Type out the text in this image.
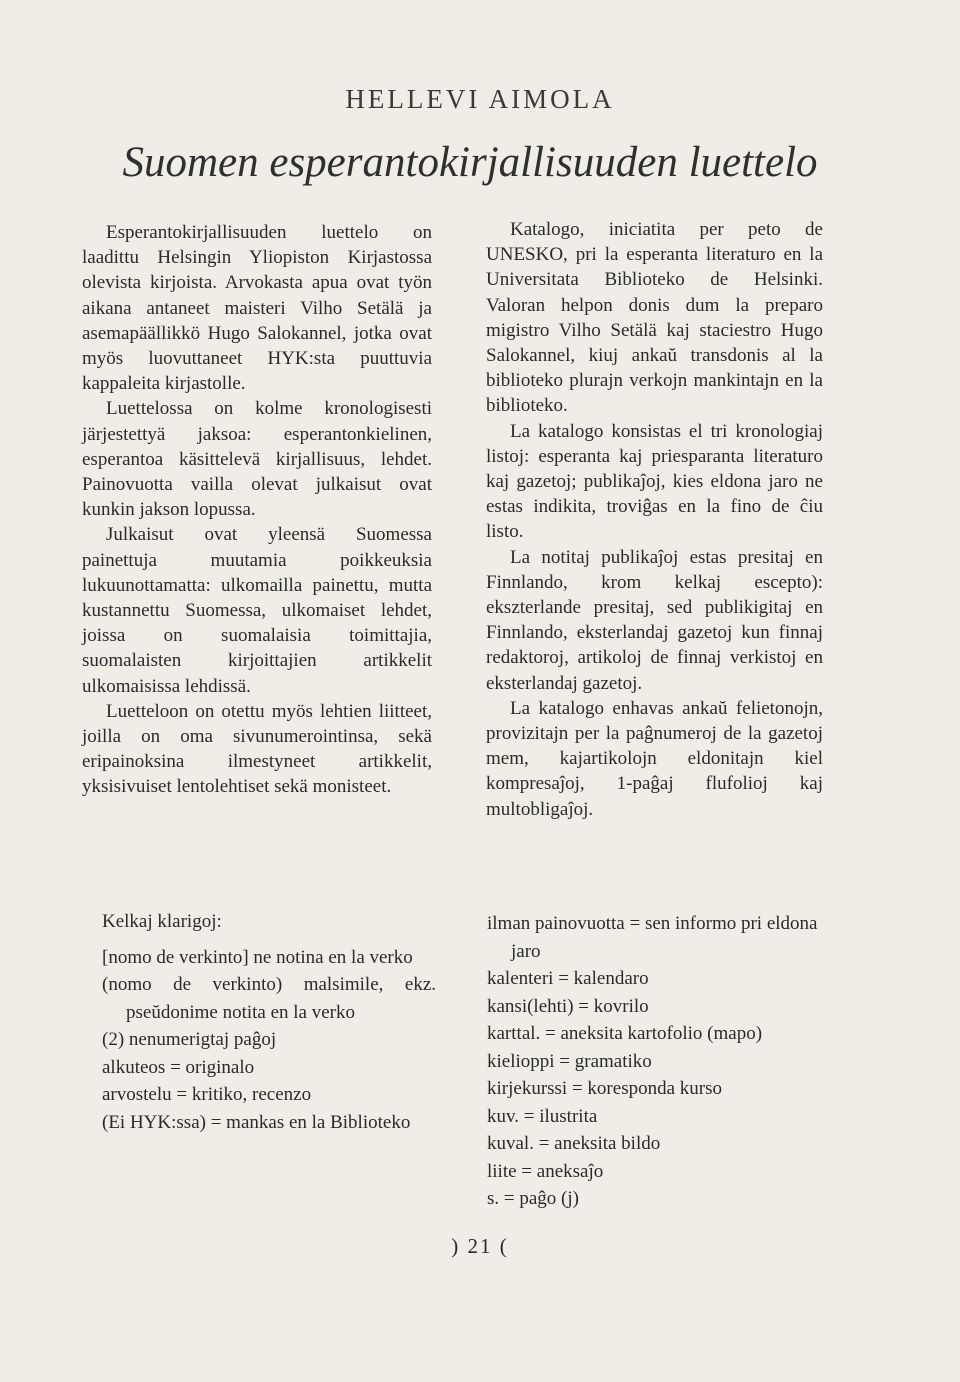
HELLEVI AIMOLA
Suomen esperantokirjallisuuden luettelo

Esperantokirjallisuuden luettelo on laadittu Helsingin Yliopiston Kirjastossa olevista kirjoista. Arvokasta apua ovat työn aikana antaneet maisteri Vilho Setälä ja asemapäällikkö Hugo Salokannel, jotka ovat myös luovuttaneet HYK:sta puuttuvia kappaleita kirjastolle.

Luettelossa on kolme kronologisesti järjestettyä jaksoa: esperantonkielinen, esperantoa käsittelevä kirjallisuus, lehdet. Painovuotta vailla olevat julkaisut ovat kunkin jakson lopussa.

Julkaisut ovat yleensä Suomessa painettuja muutamia poikkeuksia lukuunottamatta: ulkomailla painettu, mutta kustannettu Suomessa, ulkomaiset lehdet, joissa on suomalaisia toimittajia, suomalaisten kirjoittajien artikkelit ulkomaisissa lehdissä.

Luetteloon on otettu myös lehtien liitteet, joilla on oma sivunumerointinsa, sekä eripainoksina ilmestyneet artikkelit, yksisivuiset lentolehtiset sekä monisteet.

Katalogo, iniciatita per peto de UNESKO, pri la esperanta literaturo en la Universitata Biblioteko de Helsinki. Valoran helpon donis dum la preparo migistro Vilho Setälä kaj staciestro Hugo Salokannel, kiuj ankaŭ transdonis al la biblioteko plurajn verkojn mankintajn en la biblioteko.

La katalogo konsistas el tri kronologiaj listoj: esperanta kaj priesparanta literaturo kaj gazetoj; publikaĵoj, kies eldona jaro ne estas indikita, troviĝas en la fino de ĉiu listo.

La notitaj publikaĵoj estas presitaj en Finnlando, krom kelkaj escepto): ekszterlande presitaj, sed publikigitaj en Finnlando, eksterlandaj gazetoj kun finnaj redaktoroj, artikoloj de finnaj verkistoj en eksterlandaj gazetoj.

La katalogo enhavas ankaŭ felietonojn, provizitajn per la paĝnumeroj de la gazetoj mem, kajartikolojn eldonitajn kiel kompresaĵoj, 1-paĝaj flufolioj kaj multobligaĵoj.

Kelkaj klarigoj:
[nomo de verkinto] ne notina en la verko
(nomo de verkinto) malsimile, ekz. pseŭdonime notita en la verko
(2) nenumerigtaj paĝoj
alkuteos = originalo
arvostelu = kritiko, recenzo
(Ei HYK:ssa) = mankas en la Biblioteko
ilman painovuotta = sen informo pri eldona jaro
kalenteri = kalendaro
kansi(lehti) = kovrilo
karttal. = aneksita kartofolio (mapo)
kielioppi = gramatiko
kirjekurssi = koresponda kurso
kuv. = ilustrita
kuval. = aneksita bildo
liite = aneksaĵo
s. = paĝo (j)
) 21 (
